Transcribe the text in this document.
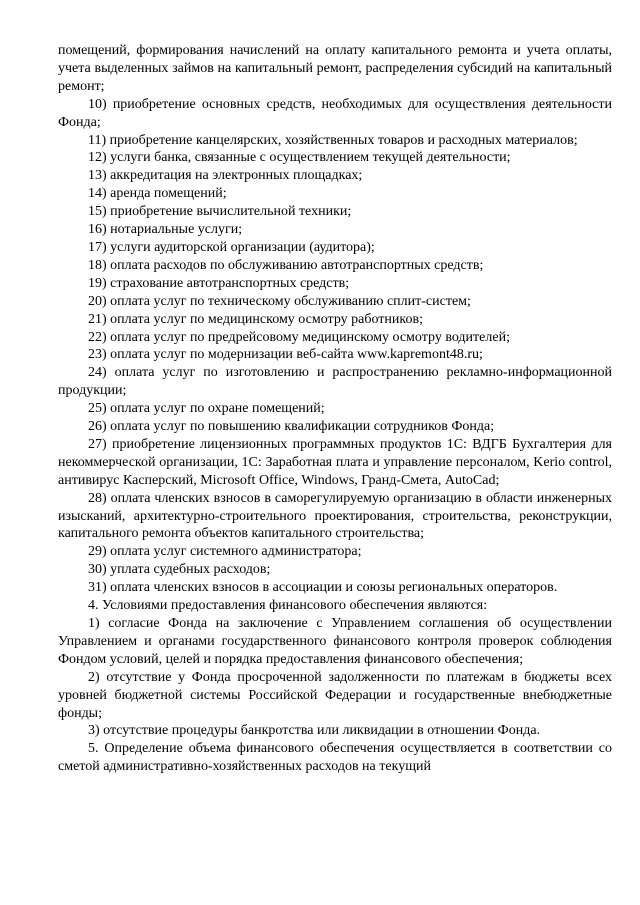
помещений, формирования начислений на оплату капитального ремонта и учета оплаты, учета выделенных займов на капитальный ремонт, распределения субсидий на капитальный ремонт;

10) приобретение основных средств, необходимых для осуществления деятельности Фонда;

11) приобретение канцелярских, хозяйственных товаров и расходных материалов;

12) услуги банка, связанные с осуществлением текущей деятельности;

13) аккредитация на электронных площадках;

14) аренда помещений;

15) приобретение вычислительной техники;

16) нотариальные услуги;

17) услуги аудиторской организации (аудитора);

18) оплата расходов по обслуживанию автотранспортных средств;

19) страхование автотранспортных средств;

20) оплата услуг по техническому обслуживанию сплит-систем;

21) оплата услуг по медицинскому осмотру работников;

22) оплата услуг по предрейсовому медицинскому осмотру водителей;

23) оплата услуг по модернизации веб-сайта www.kapremont48.ru;

24) оплата услуг по изготовлению и распространению рекламно-информационной продукции;

25) оплата услуг по охране помещений;

26) оплата услуг по повышению квалификации сотрудников Фонда;

27) приобретение лицензионных программных продуктов 1С: ВДГБ Бухгалтерия для некоммерческой организации, 1С: Заработная плата и управление персоналом, Kerio control, антивирус Касперский, Microsoft Office, Windows, Гранд-Смета, AutoCad;

28) оплата членских взносов в саморегулируемую организацию в области инженерных изысканий, архитектурно-строительного проектирования, строительства, реконструкции, капитального ремонта объектов капитального строительства;

29) оплата услуг системного администратора;

30) уплата судебных расходов;

31) оплата членских взносов в ассоциации и союзы региональных операторов.

4. Условиями предоставления финансового обеспечения являются:

1) согласие Фонда на заключение с Управлением соглашения об осуществлении Управлением и органами государственного финансового контроля проверок соблюдения Фондом условий, целей и порядка предоставления финансового обеспечения;

2) отсутствие у Фонда просроченной задолженности по платежам в бюджеты всех уровней бюджетной системы Российской Федерации и государственные внебюджетные фонды;

3) отсутствие процедуры банкротства или ликвидации в отношении Фонда.

5. Определение объема финансового обеспечения осуществляется в соответствии со сметой административно-хозяйственных расходов на текущий
